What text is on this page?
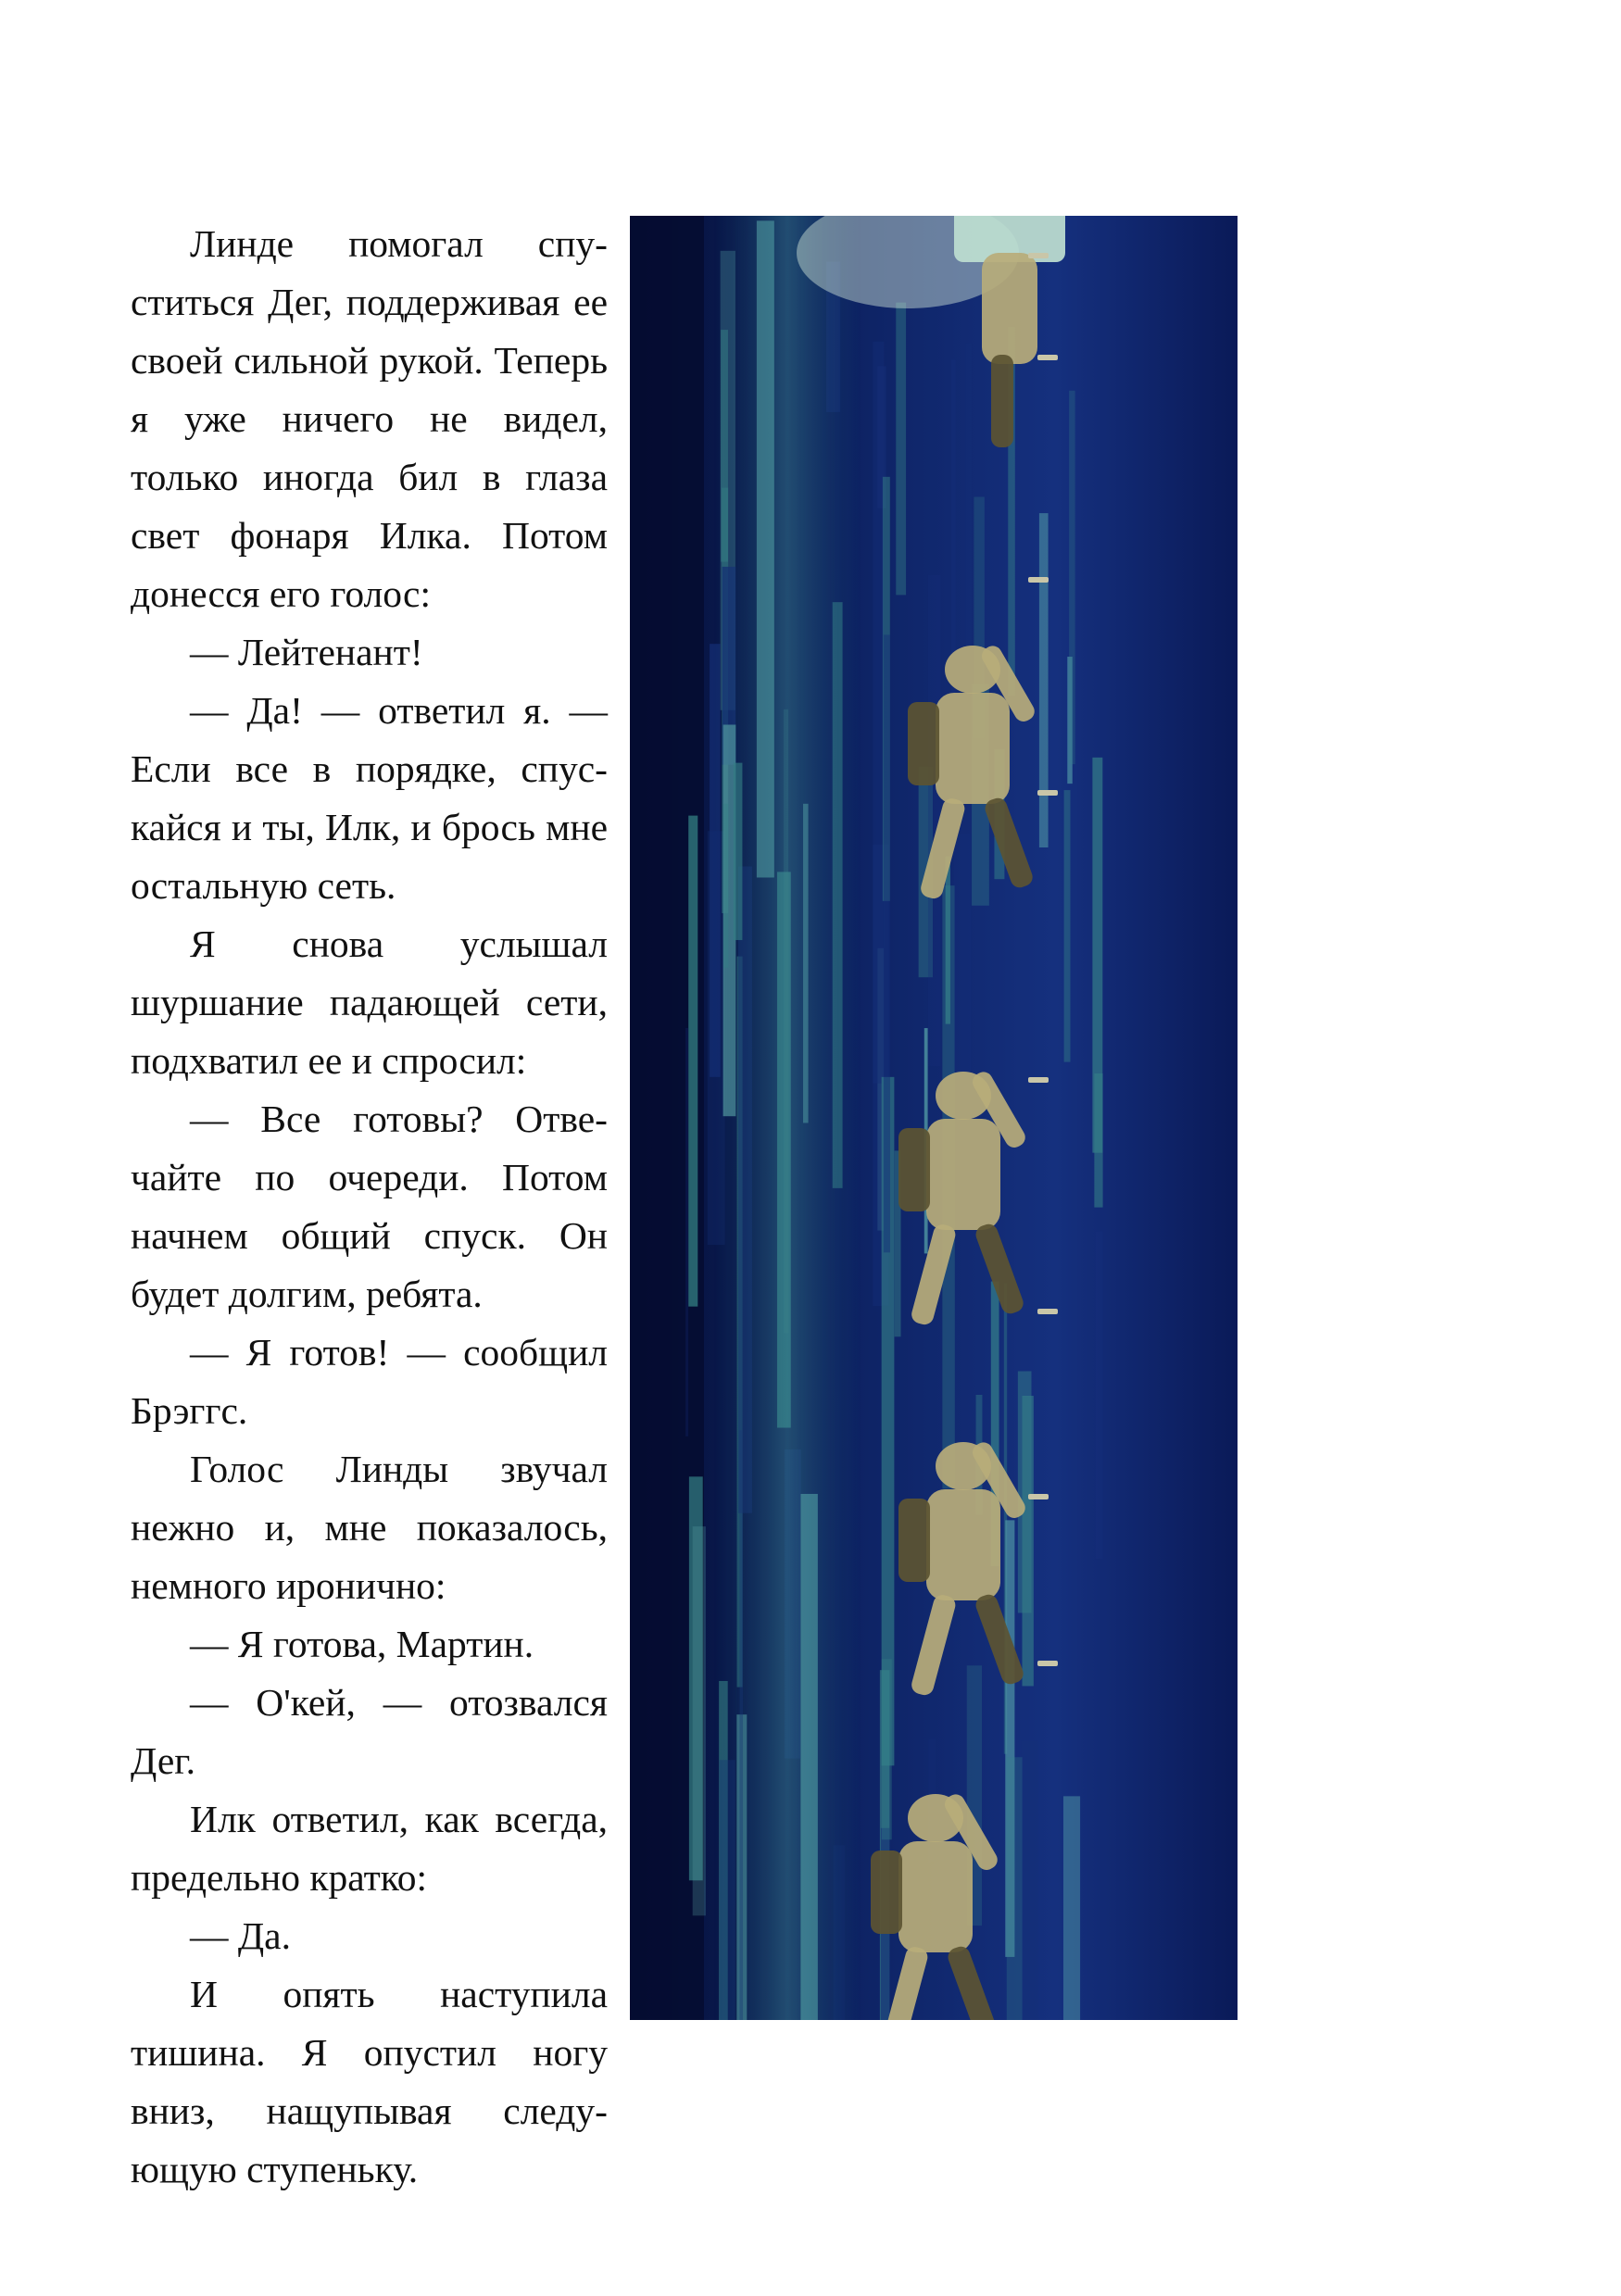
Линде помогал спуститься Дег, поддерживая ее своей сильной рукой. Теперь я уже ничего не видел, только иногда бил в глаза свет фонаря Илка. Потом донесся его голос:

— Лейтенант!

— Да! — ответил я. — Если все в порядке, спускайся и ты, Илк, и брось мне остальную сеть.

Я снова услышал шуршание падающей сети, подхватил ее и спросил:

— Все готовы? Отвечайте по очереди. Потом начнем общий спуск. Он будет долгим, ребята.

— Я готов! — сообщил Брэггс.

Голос Линды звучал нежно и, мне показалось, немного иронично:

— Я готова, Мартин.

— О'кей, — отозвался Дег.

Илк ответил, как всегда, предельно кратко:

— Да.

И опять наступила тишина. Я опустил ногу вниз, нащупывая следующую ступеньку.
